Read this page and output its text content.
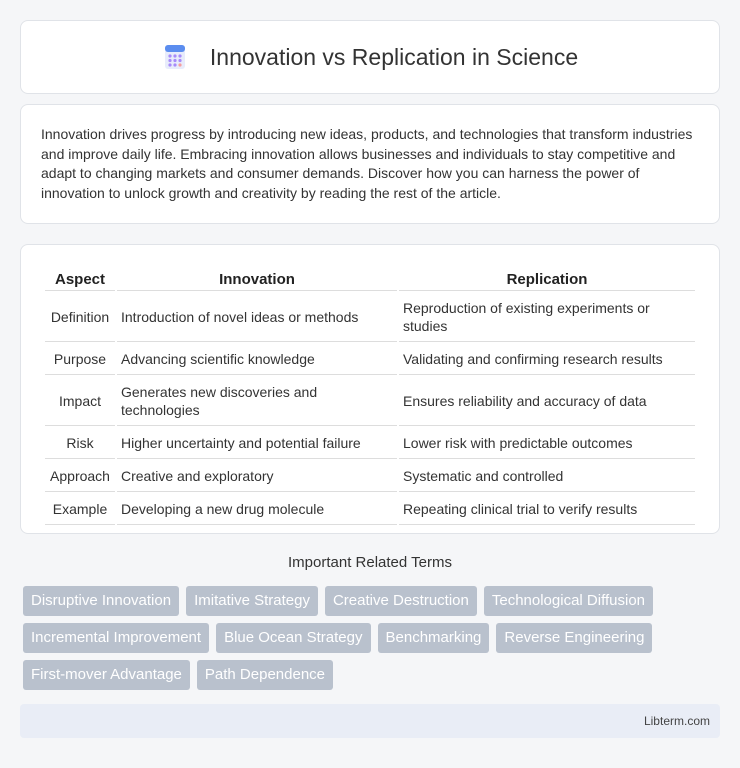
Innovation vs Replication in Science

Innovation drives progress by introducing new ideas, products, and technologies that transform industries and improve daily life. Embracing innovation allows businesses and individuals to stay competitive and adapt to changing markets and consumer demands. Discover how you can harness the power of innovation to unlock growth and creativity by reading the rest of the article.

Aspect	Innovation	Replication
Definition	Introduction of novel ideas or methods	Reproduction of existing experiments or studies
Purpose	Advancing scientific knowledge	Validating and confirming research results
Impact	Generates new discoveries and technologies	Ensures reliability and accuracy of data
Risk	Higher uncertainty and potential failure	Lower risk with predictable outcomes
Approach	Creative and exploratory	Systematic and controlled
Example	Developing a new drug molecule	Repeating clinical trial to verify results
Important Related Terms
Disruptive Innovation	Imitative Strategy	Creative Destruction	Technological Diffusion
Incremental Improvement	Blue Ocean Strategy	Benchmarking	Reverse Engineering
First-mover Advantage	Path Dependence
Libterm.com
